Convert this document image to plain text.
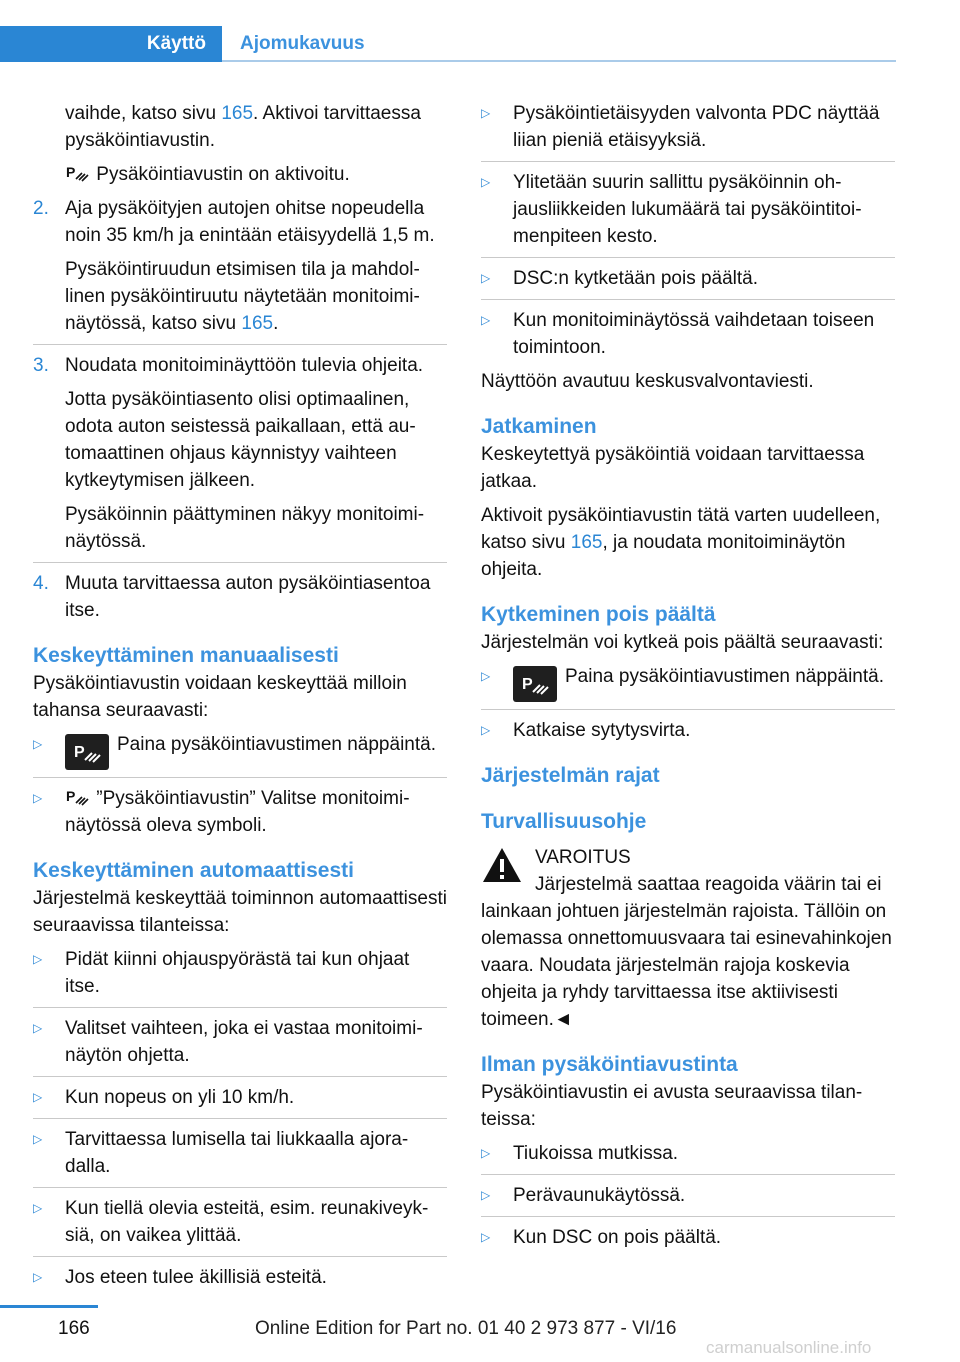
Käyttö	Ajomukavuus

vaihde, katso sivu 165. Aktivoi tarvittaessa pysäköintiavustin.

P Pysäköintiavustin on aktivoitu.

2. Aja pysäköityjen autojen ohitse nopeudella noin 35 km/h ja enintään etäisyydellä 1,5 m.

Pysäköintiruudun etsimisen tila ja mahdollinen pysäköintiruutu näytetään monitoiminäytössä, katso sivu 165.

3. Noudata monitoiminäyttöön tulevia ohjeita.

Jotta pysäköintiasento olisi optimaalinen, odota auton seistessä paikallaan, että automaattinen ohjaus käynnistyy vaihteen kytkeytymisen jälkeen.

Pysäköinnin päättyminen näkyy monitoiminäytössä.

4. Muuta tarvittaessa auton pysäköintiasentoa itse.
Keskeyttäminen manuaalisesti

Pysäköintiavustin voidaan keskeyttää milloin tahansa seuraavasti:

▷	P Paina pysäköintiavustimen näppäintä.
▷	P ”Pysäköintiavustin” Valitse monitoiminäytössä oleva symboli.
Keskeyttäminen automaattisesti

Järjestelmä keskeyttää toiminnon automaattisesti seuraavissa tilanteissa:

▷	Pidät kiinni ohjauspyörästä tai kun ohjaat itse.
▷	Valitset vaihteen, joka ei vastaa monitoiminäytön ohjetta.
▷	Kun nopeus on yli 10 km/h.
▷	Tarvittaessa lumisella tai liukkaalla ajoradalla.
▷	Kun tiellä olevia esteitä, esim. reunakiveyksiä, on vaikea ylittää.
▷	Jos eteen tulee äkillisiä esteitä.
▷	Pysäköintietäisyyden valvonta PDC näyttää liian pieniä etäisyyksiä.
▷	Ylitetään suurin sallittu pysäköinnin ohjausliikkeiden lukumäärä tai pysäköintitoimenpiteen kesto.
▷	DSC:n kytketään pois päältä.
▷	Kun monitoiminäytössä vaihdetaan toiseen toimintoon.

Näyttöön avautuu keskusvalvontaviesti.

Jatkaminen

Keskeytettyä pysäköintiä voidaan tarvittaessa jatkaa.

Aktivoit pysäköintiavustin tätä varten uudelleen, katso sivu 165, ja noudata monitoiminäytön ohjeita.

Kytkeminen pois päältä

Järjestelmän voi kytkeä pois päältä seuraavasti:

▷	P Paina pysäköintiavustimen näppäintä.
▷	Katkaise sytytysvirta.
Järjestelmän rajat
Turvallisuusohje

VAROITUS

Järjestelmä saattaa reagoida väärin tai ei lainkaan johtuen järjestelmän rajoista. Tällöin on olemassa onnettomuusvaara tai esinevahinkojen vaara. Noudata järjestelmän rajoja koskevia ohjeita ja ryhdy tarvittaessa itse aktiivisesti toimeen.◄

Ilman pysäköintiavustinta

Pysäköintiavustin ei avusta seuraavissa tilanteissa:

▷	Tiukoissa mutkissa.
▷	Perävaunukäytössä.
▷	Kun DSC on pois päältä.
166	Online Edition for Part no. 01 40 2 973 877 - VI/16
carmanualsonline.info
